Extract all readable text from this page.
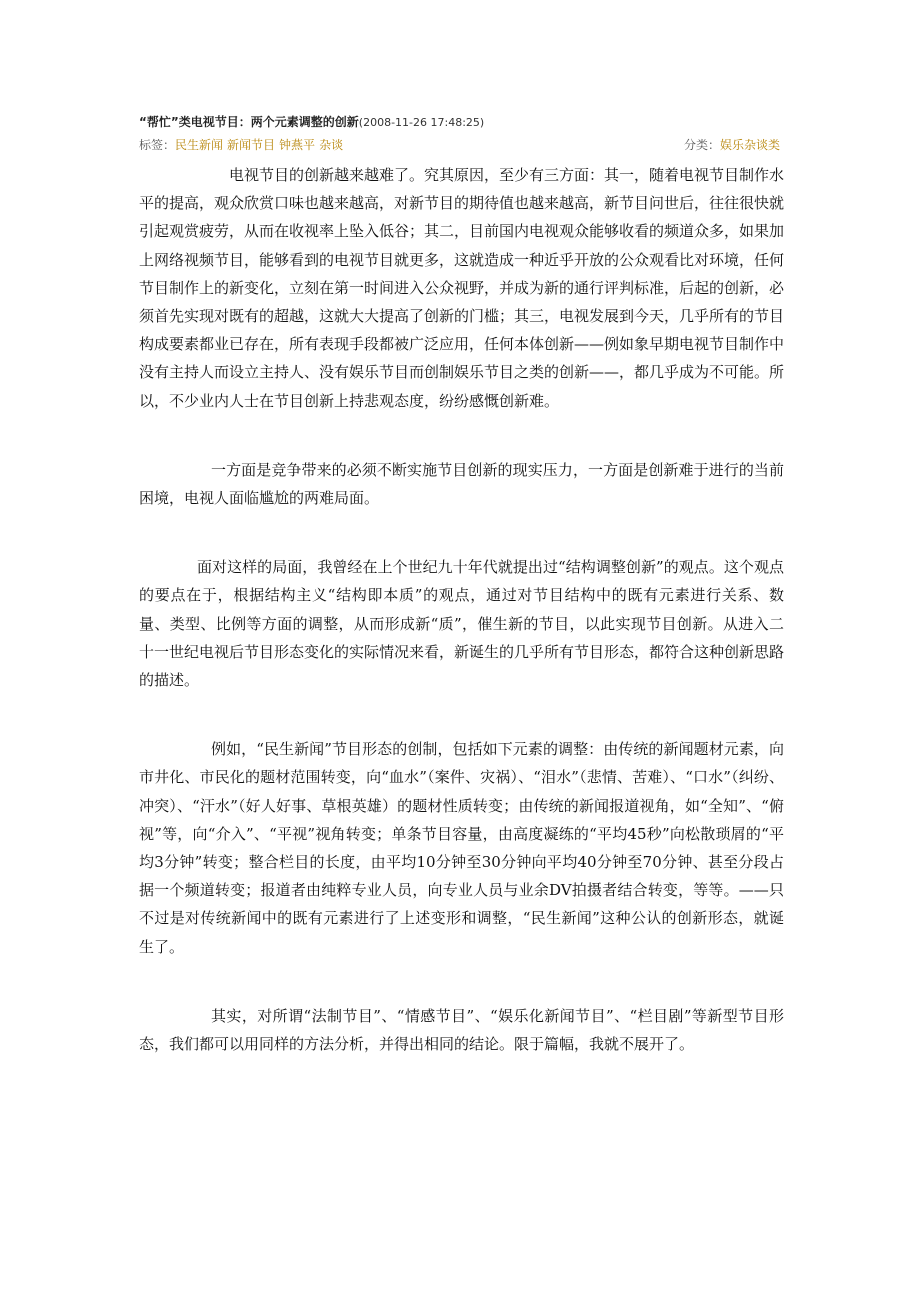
“帮忙”类电视节目：两个元素调整的创新(2008-11-26 17:48:25)
标签：民生新闻 新闻节目 钟燕平 杂谈	分类：娱乐杂谈类

电视节目的创新越来越难了。究其原因，至少有三方面：其一，随着电视节目制作水平的提高，观众欣赏口味也越来越高，对新节目的期待值也越来越高，新节目问世后，往往很快就引起观赏疲劳，从而在收视率上坠入低谷；其二，目前国内电视观众能够收看的频道众多，如果加上网络视频节目，能够看到的电视节目就更多，这就造成一种近乎开放的公众观看比对环境，任何节目制作上的新变化，立刻在第一时间进入公众视野，并成为新的通行评判标准，后起的创新，必须首先实现对既有的超越，这就大大提高了创新的门槛；其三，电视发展到今天，几乎所有的节目构成要素都业已存在，所有表现手段都被广泛应用，任何本体创新——例如象早期电视节目制作中没有主持人而设立主持人、没有娱乐节目而创制娱乐节目之类的创新——，都几乎成为不可能。所以，不少业内人士在节目创新上持悲观态度，纷纷感慨创新难。

一方面是竞争带来的必须不断实施节目创新的现实压力，一方面是创新难于进行的当前困境，电视人面临尴尬的两难局面。

面对这样的局面，我曾经在上个世纪九十年代就提出过“结构调整创新”的观点。这个观点的要点在于，根据结构主义“结构即本质”的观点，通过对节目结构中的既有元素进行关系、数量、类型、比例等方面的调整，从而形成新“质”，催生新的节目，以此实现节目创新。从进入二十一世纪电视后节目形态变化的实际情况来看，新诞生的几乎所有节目形态，都符合这种创新思路的描述。

例如，“民生新闻”节目形态的创制，包括如下元素的调整：由传统的新闻题材元素，向市井化、市民化的题材范围转变，向“血水”（案件、灾祸）、“泪水”（悲情、苦难）、“口水”（纠纷、冲突）、“汗水”（好人好事、草根英雄）的题材性质转变；由传统的新闻报道视角，如“全知”、“俯视”等，向“介入”、“平视”视角转变；单条节目容量，由高度凝练的“平均45秒”向松散琐屑的“平均3分钟”转变；整合栏目的长度，由平均10分钟至30分钟向平均40分钟至70分钟、甚至分段占据一个频道转变；报道者由纯粹专业人员，向专业人员与业余DV拍摄者结合转变，等等。——只不过是对传统新闻中的既有元素进行了上述变形和调整，“民生新闻”这种公认的创新形态，就诞生了。

其实，对所谓“法制节目”、“情感节目”、“娱乐化新闻节目”、“栏目剧”等新型节目形态，我们都可以用同样的方法分析，并得出相同的结论。限于篇幅，我就不展开了。
